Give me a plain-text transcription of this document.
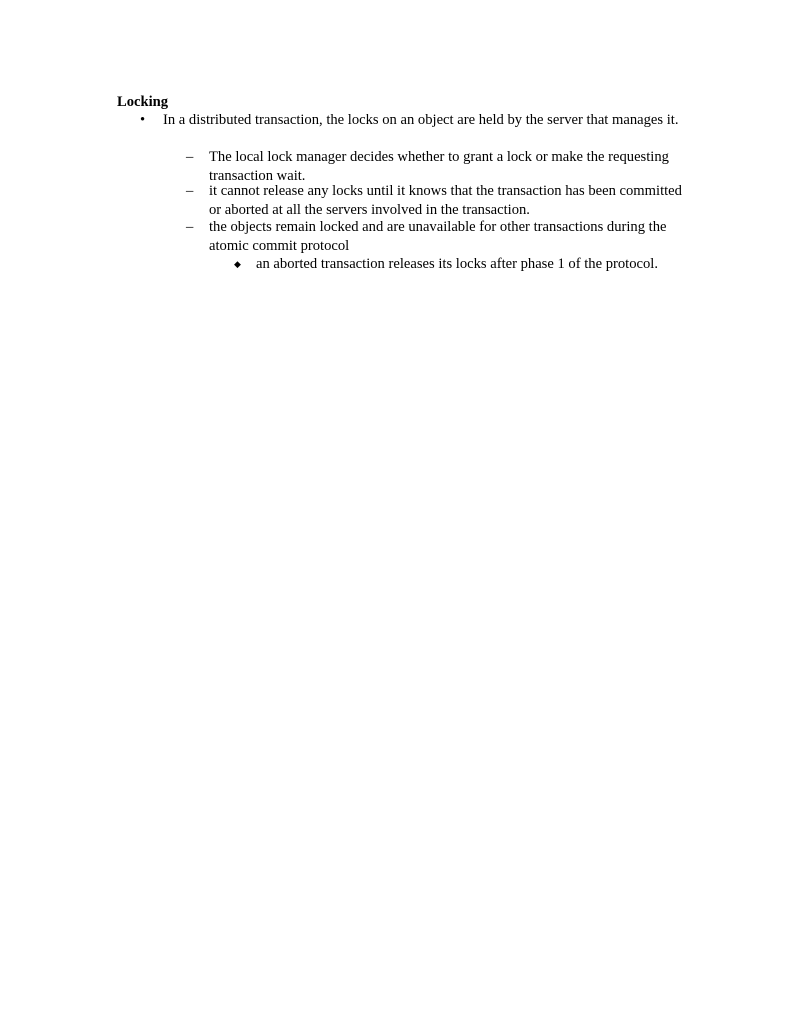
Locking
• In a distributed transaction, the locks on an object are held by the server that manages it.
– The local lock manager decides whether to grant a lock or make the requesting transaction wait.
– it cannot release any locks until it knows that the transaction has been committed or aborted at all the servers involved in the transaction.
– the objects remain locked and are unavailable for other transactions during the atomic commit protocol
◆ an aborted transaction releases its locks after phase 1 of the protocol.
